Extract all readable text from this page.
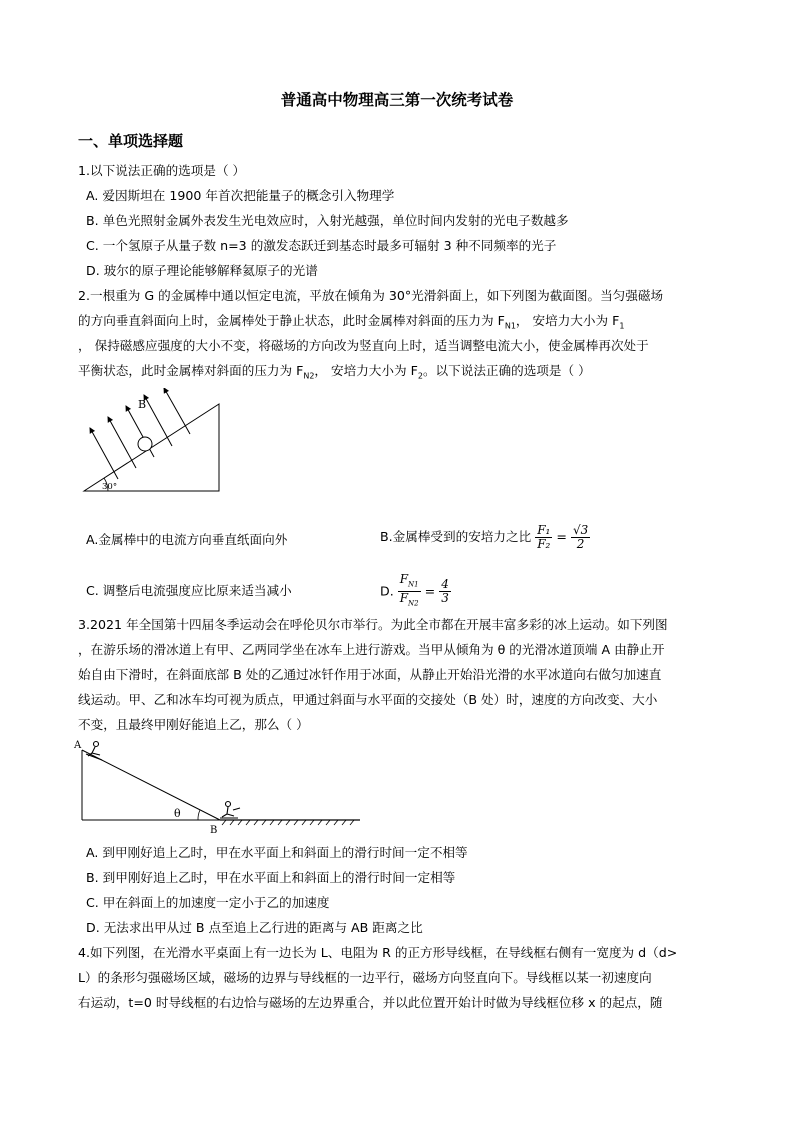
普通高中物理高三第一次统考试卷
一、单项选择题
1.以下说法正确的选项是（ ）
A. 爱因斯坦在 1900 年首次把能量子的概念引入物理学
B. 单色光照射金属外表发生光电效应时，入射光越强，单位时间内发射的光电子数越多
C. 一个氢原子从量子数 n=3 的激发态跃迁到基态时最多可辐射 3 种不同频率的光子
D. 玻尔的原子理论能够解释氦原子的光谱
2.一根重为 G 的金属棒中通以恒定电流，平放在倾角为 30°光滑斜面上，如下列图为截面图。当匀强磁场
的方向垂直斜面向上时，金属棒处于静止状态，此时金属棒对斜面的压力为 $F_{N1}$， 安培力大小为 $F_1$
， 保持磁感应强度的大小不变，将磁场的方向改为竖直向上时，适当调整电流大小，使金属棒再次处于
平衡状态，此时金属棒对斜面的压力为 $F_{N2}$， 安培力大小为 $F_2$。以下说法正确的选项是（ ）
30°
B
A.金属棒中的电流方向垂直纸面向外	B.金属棒受到的安培力之比 $\frac{\text{F₁}}{\text{F₂}} = \frac{√3}{2}$
C. 调整后电流强度应比原来适当减小	D. $\frac{F_{N1}}{F_{N2}} = \frac{4}{3}$
3.2021 年全国第十四届冬季运动会在呼伦贝尔市举行。为此全市都在开展丰富多彩的冰上运动。如下列图
，在游乐场的滑冰道上有甲、乙两同学坐在冰车上进行游戏。当甲从倾角为 θ 的光滑冰道顶端 A 由静止开
始自由下滑时，在斜面底部 B 处的乙通过冰钎作用于冰面，从静止开始沿光滑的水平冰道向右做匀加速直
线运动。甲、乙和冰车均可视为质点，甲通过斜面与水平面的交接处（B 处）时，速度的方向改变、大小
不变，且最终甲刚好能追上乙，那么（ ）
θ
A
B
A. 到甲刚好追上乙时，甲在水平面上和斜面上的滑行时间一定不相等
B. 到甲刚好追上乙时，甲在水平面上和斜面上的滑行时间一定相等
C. 甲在斜面上的加速度一定小于乙的加速度
D. 无法求出甲从过 B 点至追上乙行进的距离与 AB 距离之比
4.如下列图，在光滑水平桌面上有一边长为 L、电阻为 R 的正方形导线框，在导线框右侧有一宽度为 d（d>
L）的条形匀强磁场区域，磁场的边界与导线框的一边平行，磁场方向竖直向下。导线框以某一初速度向
右运动，t=0 时导线框的右边恰与磁场的左边界重合，并以此位置开始计时做为导线框位移 x 的起点，随
